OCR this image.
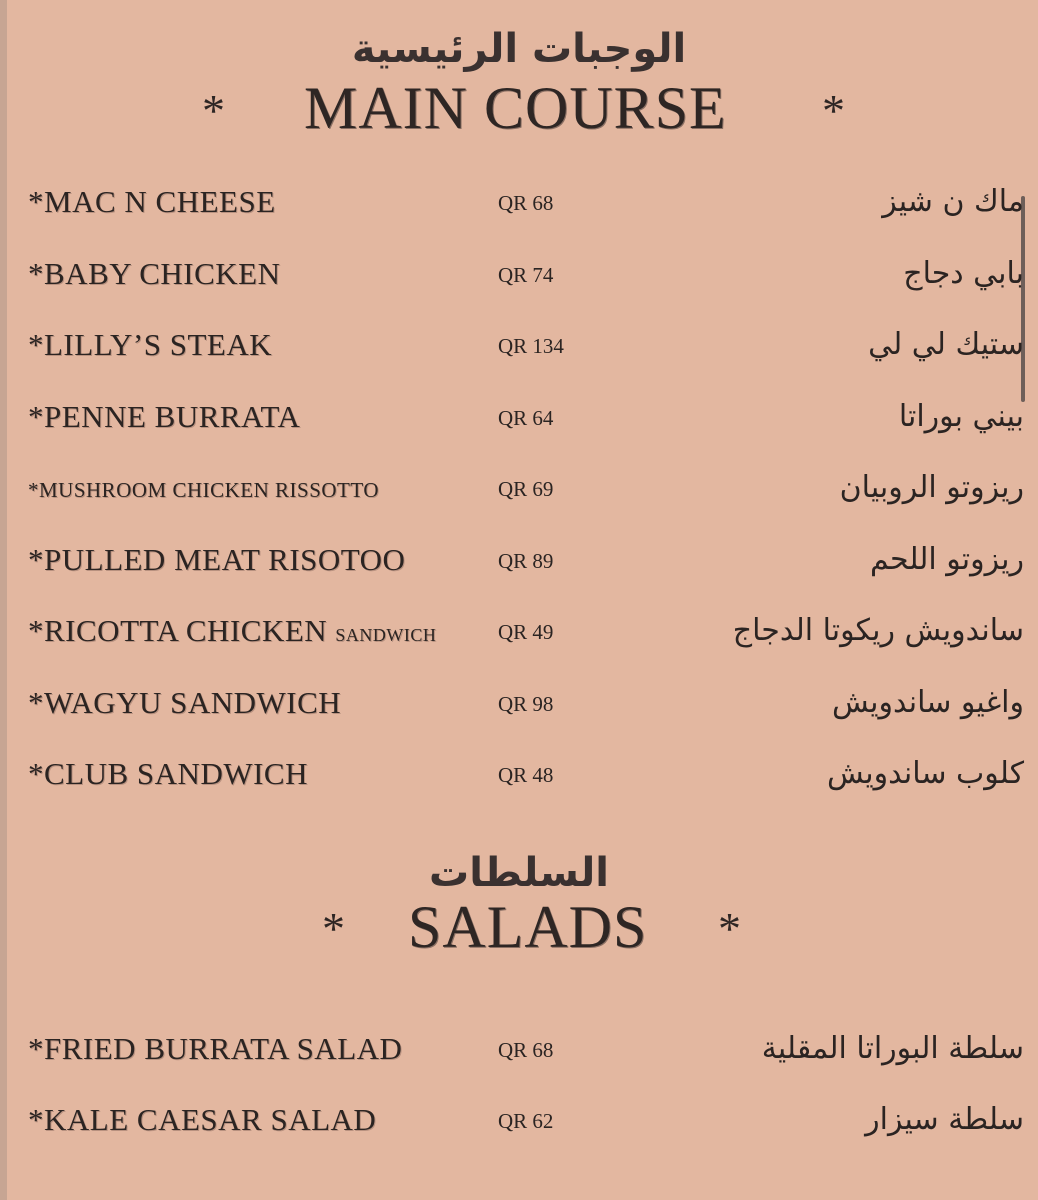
الوجبات الرئيسية
* MAIN COURSE *
*MAC N CHEESE	QR 68	ماك ن شيز
*BABY CHICKEN	QR 74	بابي دجاج
*LILLY’S STEAK	QR 134	ستيك لي لي
*PENNE BURRATA	QR 64	بيني بوراتا
*MUSHROOM CHICKEN RISSOTTO	QR 69	ريزوتو الروبيان
*PULLED MEAT RISOTOO	QR 89	ريزوتو اللحم
*RICOTTA CHICKEN SANDWICH	QR 49	ساندويش ريكوتا الدجاج
*WAGYU SANDWICH	QR 98	واغيو ساندويش
*CLUB SANDWICH	QR 48	كلوب ساندويش
السلطات
* SALADS *
*FRIED BURRATA SALAD	QR 68	سلطة البوراتا المقلية
*KALE CAESAR SALAD	QR 62	سلطة سيزار
